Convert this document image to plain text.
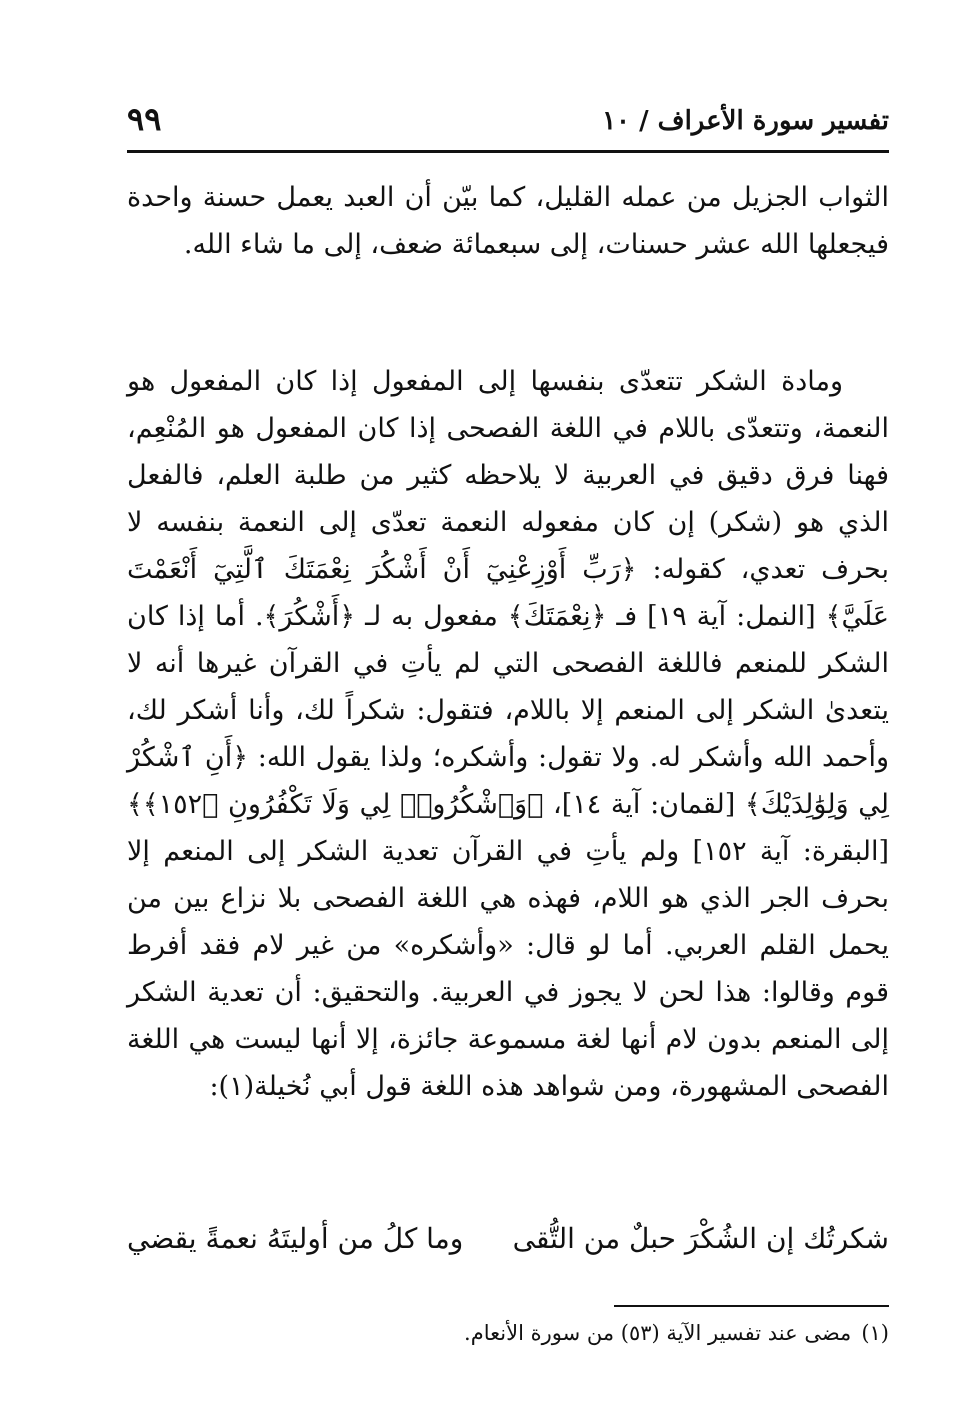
تفسير سورة الأعراف / ١٠
٩٩

الثواب الجزيل من عمله القليل، كما بيّن أن العبد يعمل حسنة واحدة فيجعلها الله عشر حسنات، إلى سبعمائة ضعف، إلى ما شاء الله.

ومادة الشكر تتعدّى بنفسها إلى المفعول إذا كان المفعول هو النعمة، وتتعدّى باللام في اللغة الفصحى إذا كان المفعول هو المُنْعِم، فهنا فرق دقيق في العربية لا يلاحظه كثير من طلبة العلم، فالفعل الذي هو (شكر) إن كان مفعوله النعمة تعدّى إلى النعمة بنفسه لا بحرف تعدي، كقوله: ﴿رَبِّ أَوْزِعْنِيٓ أَنْ أَشْكُرَ نِعْمَتَكَ ٱلَّتِيٓ أَنْعَمْتَ عَلَيَّ﴾ [النمل: آية ١٩] فـ ﴿نِعْمَتَكَ﴾ مفعول به لـ ﴿أَشْكُرَ﴾. أما إذا كان الشكر للمنعم فاللغة الفصحى التي لم يأتِ في القرآن غيرها أنه لا يتعدىٰ الشكر إلى المنعم إلا باللام، فتقول: شكراً لك، وأنا أشكر لك، وأحمد الله وأشكر له. ولا تقول: وأشكره؛ ولذا يقول الله: ﴿أَنِ ٱشْكُرْ لِي وَلِوَٰلِدَيْكَ﴾ [لقمان: آية ١٤]، ﴿وَٱشْكُرُوا۟ لِي وَلَا تَكْفُرُونِ ﴿١٥٢﴾﴾ [البقرة: آية ١٥٢] ولم يأتِ في القرآن تعدية الشكر إلى المنعم إلا بحرف الجر الذي هو اللام، فهذه هي اللغة الفصحى بلا نزاع بين من يحمل القلم العربي. أما لو قال: «وأشكره» من غير لام فقد أفرط قوم وقالوا: هذا لحن لا يجوز في العربية. والتحقيق: أن تعدية الشكر إلى المنعم بدون لام أنها لغة مسموعة جائزة، إلا أنها ليست هي اللغة الفصحى المشهورة، ومن شواهد هذه اللغة قول أبي نُخيلة(١):

شكرتُك إن الشُكْرَ حبلٌ من التُّقى
وما كلُ من أوليتَهُ نعمةً يقضي
(١)مضى عند تفسير الآية (٥٣) من سورة الأنعام.
